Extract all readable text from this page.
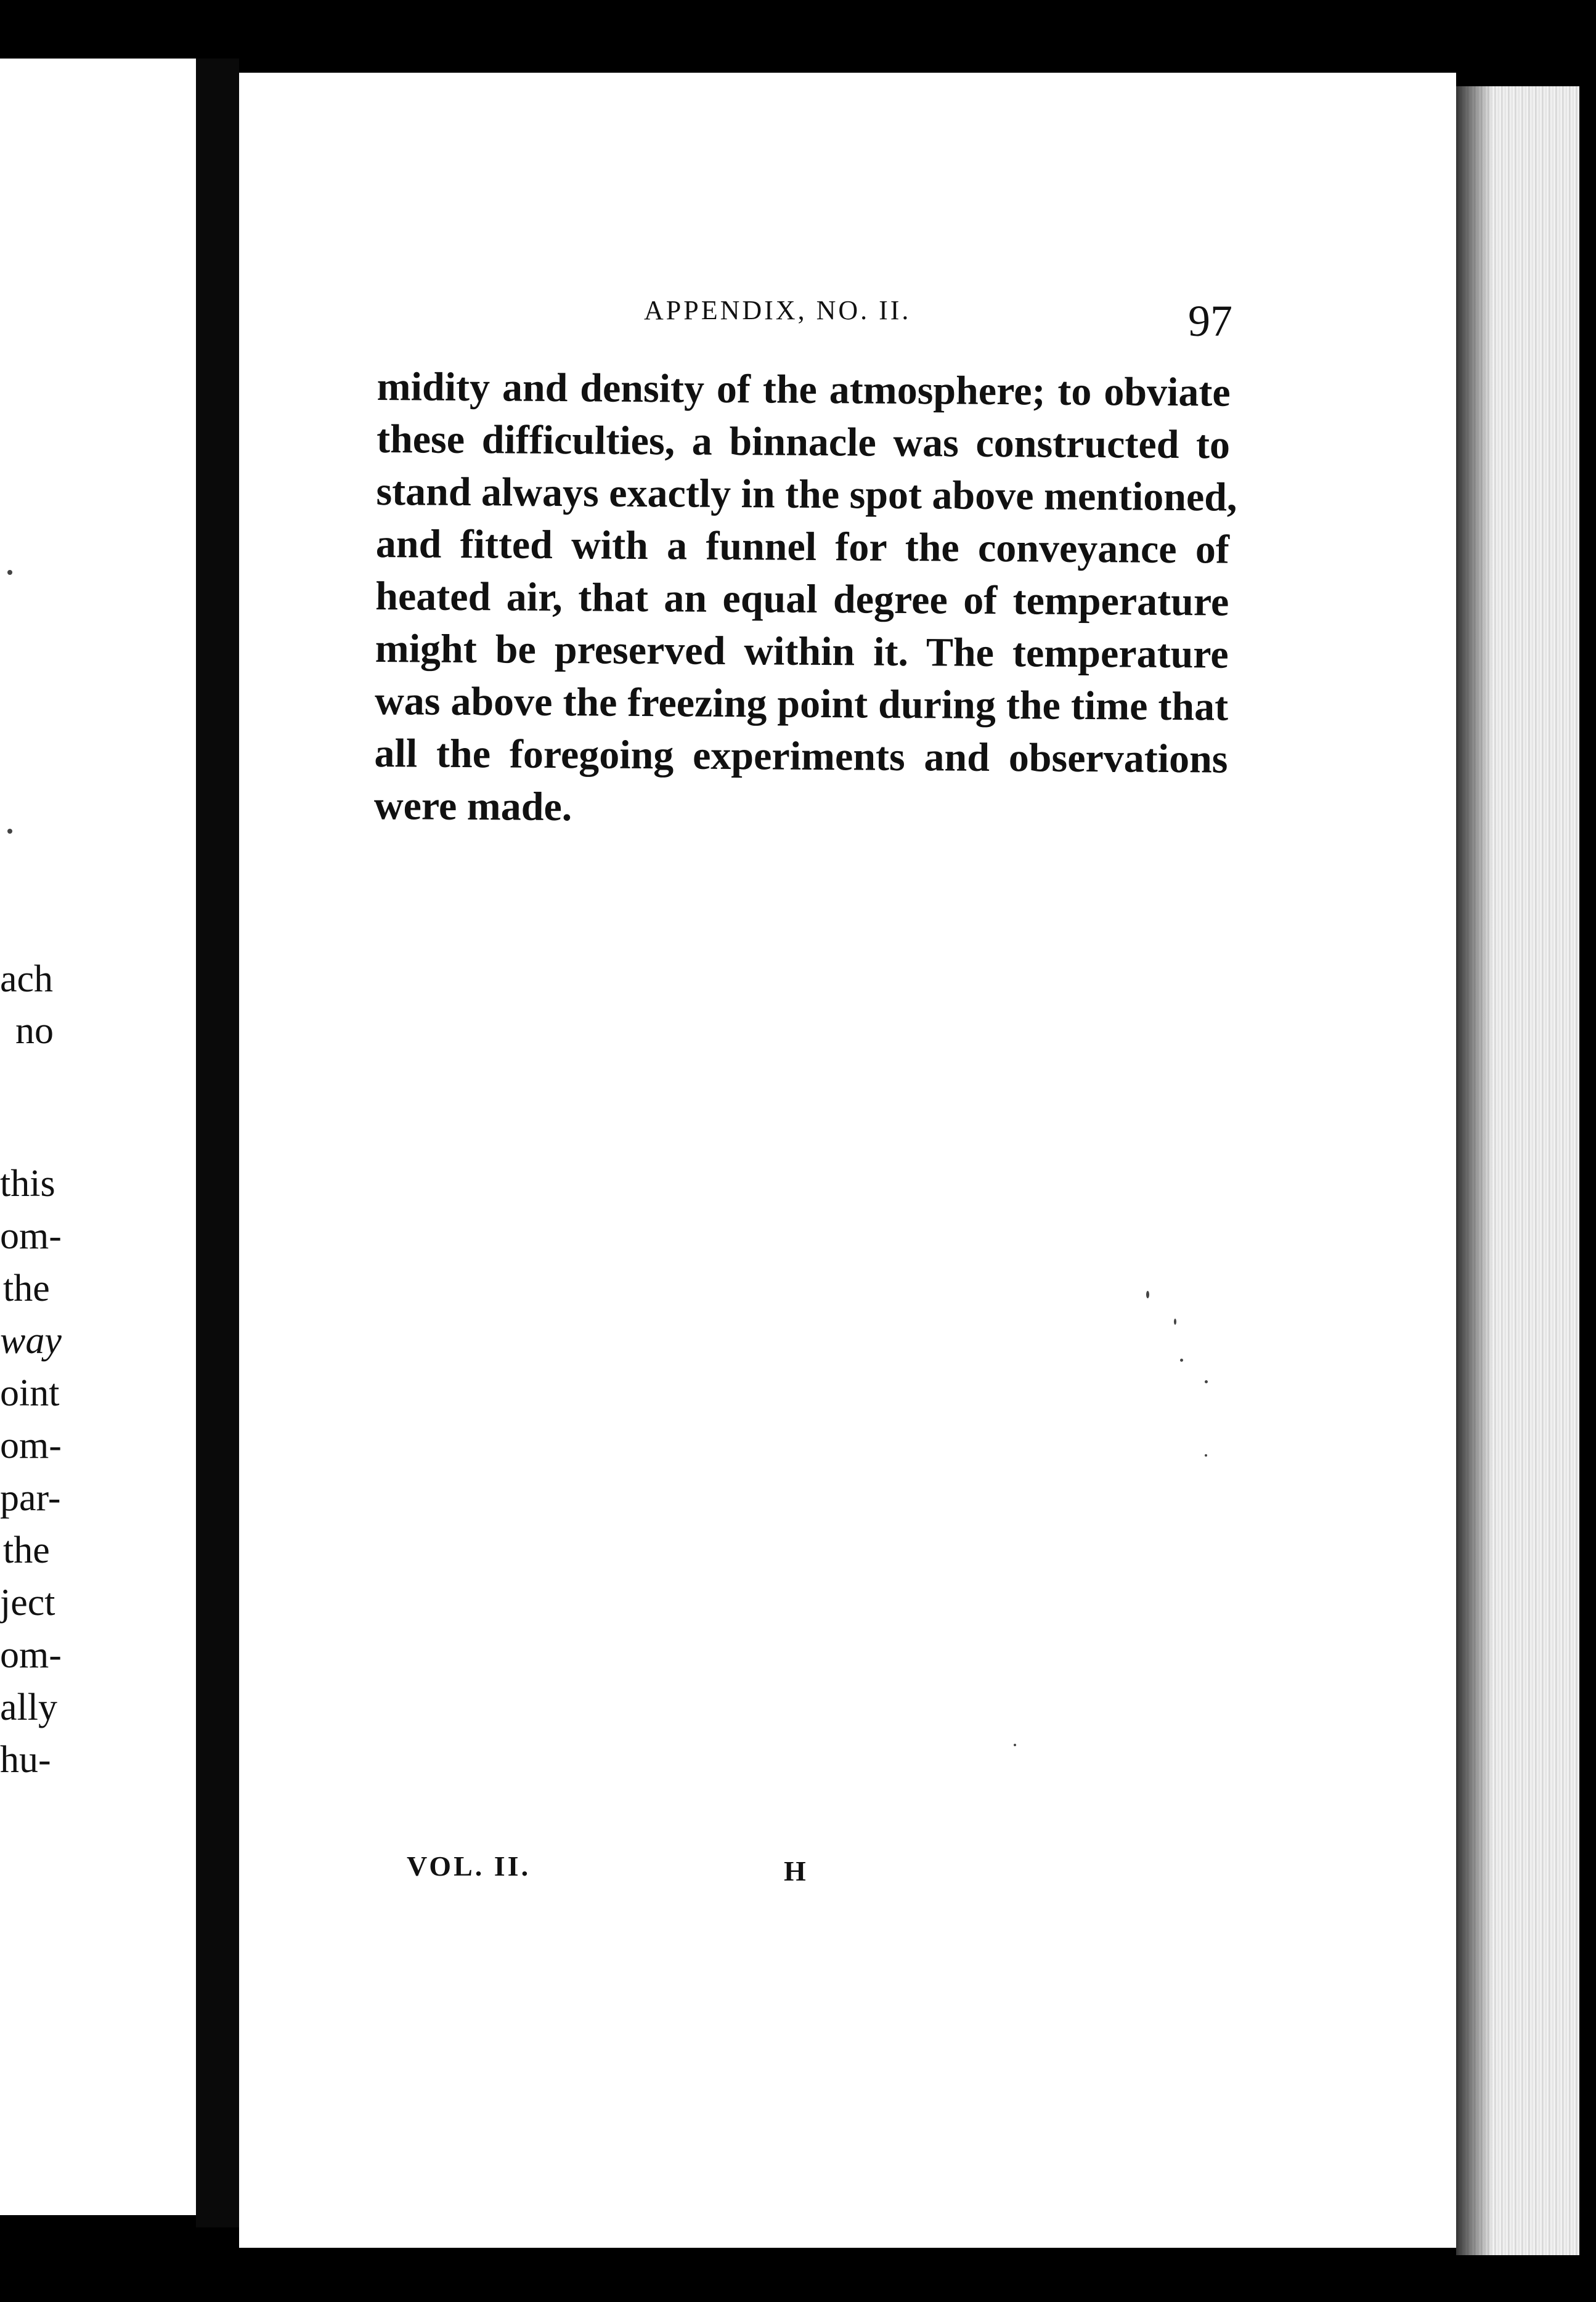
ach
no
this
om-
the
way
oint
om-
par-
the
ject
om-
ally
hu-
APPENDIX, NO. II.	97
midity and density of the atmosphere; to obviate
these difficulties, a binnacle was constructed to
stand always exactly in the spot above mentioned,
and fitted with a funnel for the conveyance of
heated air, that an equal degree of temperature
might be preserved within it. The temperature
was above the freezing point during the time that
all the foregoing experiments and observations
were made.
VOL. II.	H
